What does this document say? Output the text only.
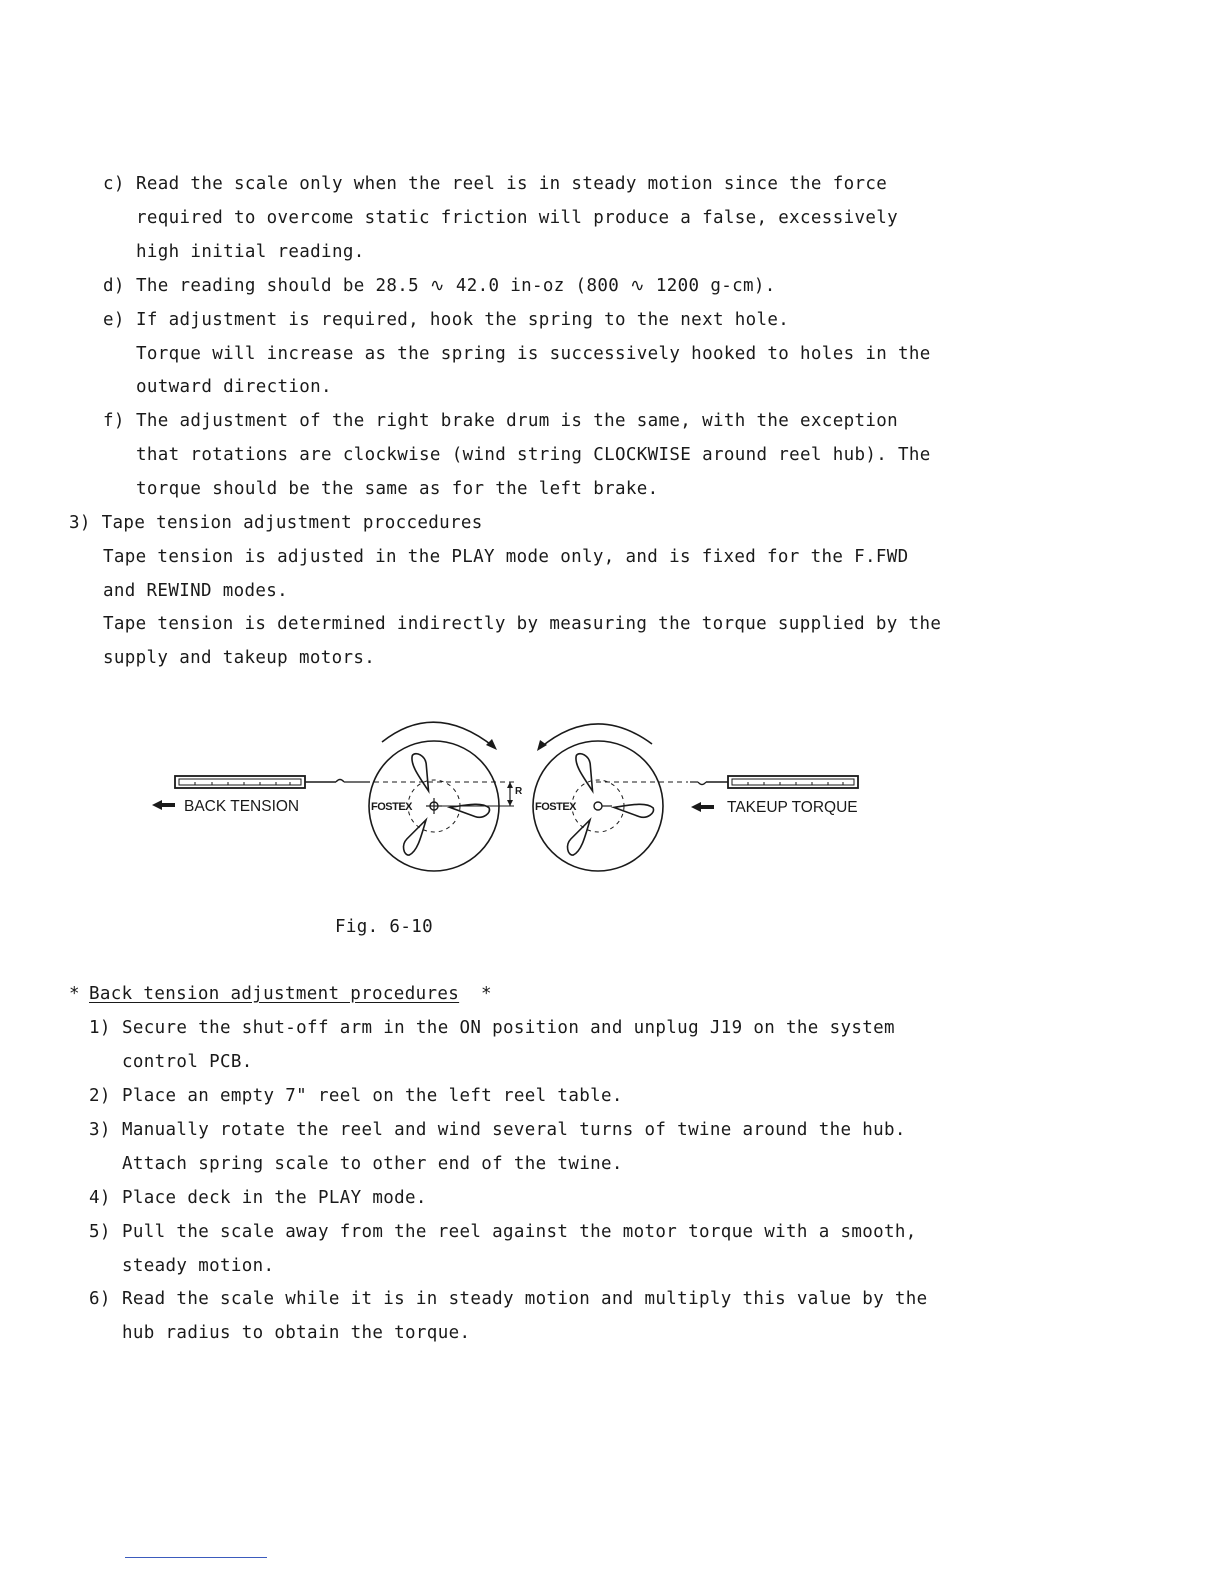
c) Read the scale only when the reel is in steady motion since the force
required to overcome static friction will produce a false, excessively
high initial reading.
d) The reading should be 28.5 ∿ 42.0 in-oz (800 ∿ 1200 g-cm).
e) If adjustment is required, hook the spring to the next hole.
Torque will increase as the spring is successively hooked to holes in the
outward direction.
f) The adjustment of the right brake drum is the same, with the exception
that rotations are clockwise (wind string CLOCKWISE around reel hub). The
torque should be the same as for the left brake.
3) Tape tension adjustment proccedures
Tape tension is adjusted in the PLAY mode only, and is fixed for the F.FWD
and REWIND modes.
Tape tension is determined indirectly by measuring the torque supplied by the
supply and takeup motors.
BACK TENSION	FOSTEX
R
FOSTEX	TAKEUP TORQUE
Fig. 6-10
* Back tension adjustment procedures *
1) Secure the shut-off arm in the ON position and unplug J19 on the system
control PCB.
2) Place an empty 7" reel on the left reel table.
3) Manually rotate the reel and wind several turns of twine around the hub.
Attach spring scale to other end of the twine.
4) Place deck in the PLAY mode.
5) Pull the scale away from the reel against the motor torque with a smooth,
steady motion.
6) Read the scale while it is in steady motion and multiply this value by the
hub radius to obtain the torque.
